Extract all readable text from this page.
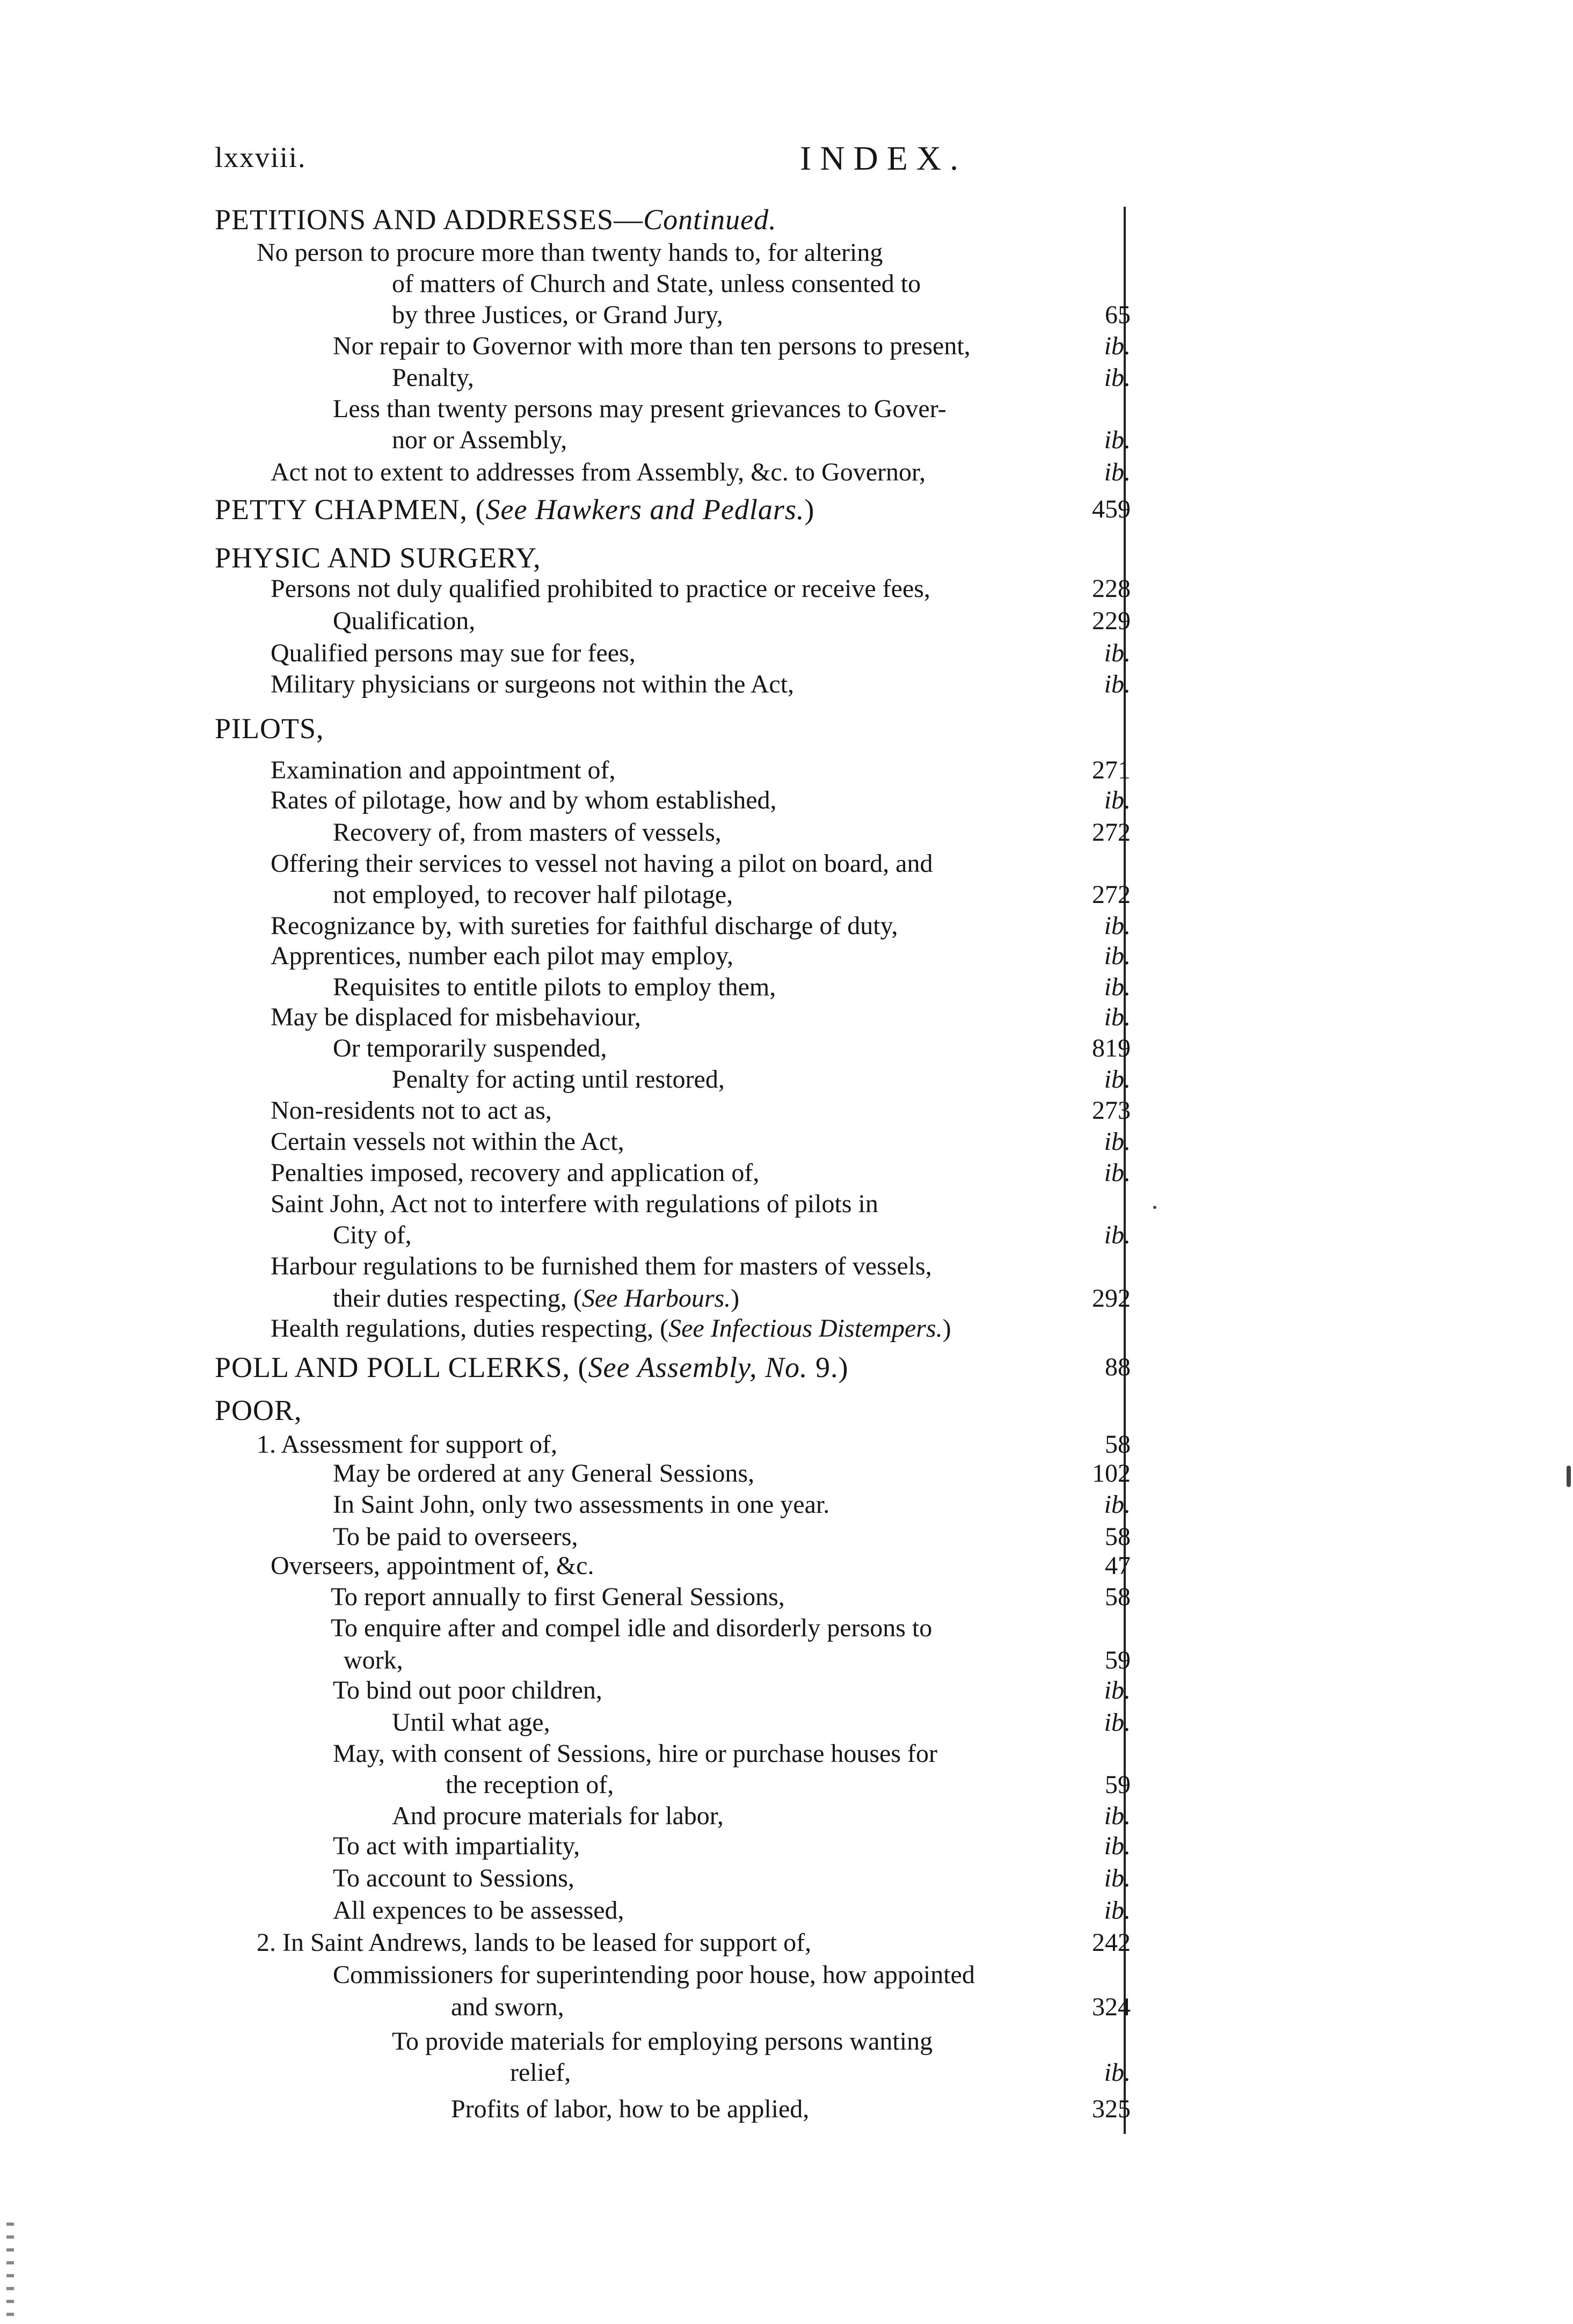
lxxviii.	INDEX.
PETITIONS AND ADDRESSES—Continued.
No person to procure more than twenty hands to, for altering
of matters of Church and State, unless consented to
by three Justices, or Grand Jury,	65
Nor repair to Governor with more than ten persons to present,	ib.
Penalty,	ib.
Less than twenty persons may present grievances to Gover-
nor or Assembly,	ib.
Act not to extent to addresses from Assembly, &c. to Governor,	ib.
PETTY CHAPMEN, (See Hawkers and Pedlars.)	459
PHYSIC AND SURGERY,
Persons not duly qualified prohibited to practice or receive fees,	228
Qualification,	229
Qualified persons may sue for fees,	ib.
Military physicians or surgeons not within the Act,	ib.
PILOTS,
Examination and appointment of,	271
Rates of pilotage, how and by whom established,	ib.
Recovery of, from masters of vessels,	272
Offering their services to vessel not having a pilot on board, and
not employed, to recover half pilotage,	272
Recognizance by, with sureties for faithful discharge of duty,	ib.
Apprentices, number each pilot may employ,	ib.
Requisites to entitle pilots to employ them,	ib.
May be displaced for misbehaviour,	ib.
Or temporarily suspended,	819
Penalty for acting until restored,	ib.
Non-residents not to act as,	273
Certain vessels not within the Act,	ib.
Penalties imposed, recovery and application of,	ib.
Saint John, Act not to interfere with regulations of pilots in
City of,	ib.
Harbour regulations to be furnished them for masters of vessels,
their duties respecting, (See Harbours.)	292
Health regulations, duties respecting, (See Infectious Distempers.)
POLL AND POLL CLERKS, (See Assembly, No. 9.)	88
POOR,
1. Assessment for support of,	58
May be ordered at any General Sessions,	102
In Saint John, only two assessments in one year.	ib.
To be paid to overseers,	58
Overseers, appointment of, &c.	47
To report annually to first General Sessions,	58
To enquire after and compel idle and disorderly persons to
work,	59
To bind out poor children,	ib.
Until what age,	ib.
May, with consent of Sessions, hire or purchase houses for
the reception of,	59
And procure materials for labor,	ib.
To act with impartiality,	ib.
To account to Sessions,	ib.
All expences to be assessed,	ib.
2. In Saint Andrews, lands to be leased for support of,	242
Commissioners for superintending poor house, how appointed
and sworn,	324
To provide materials for employing persons wanting
relief,	ib.
Profits of labor, how to be applied,	325
